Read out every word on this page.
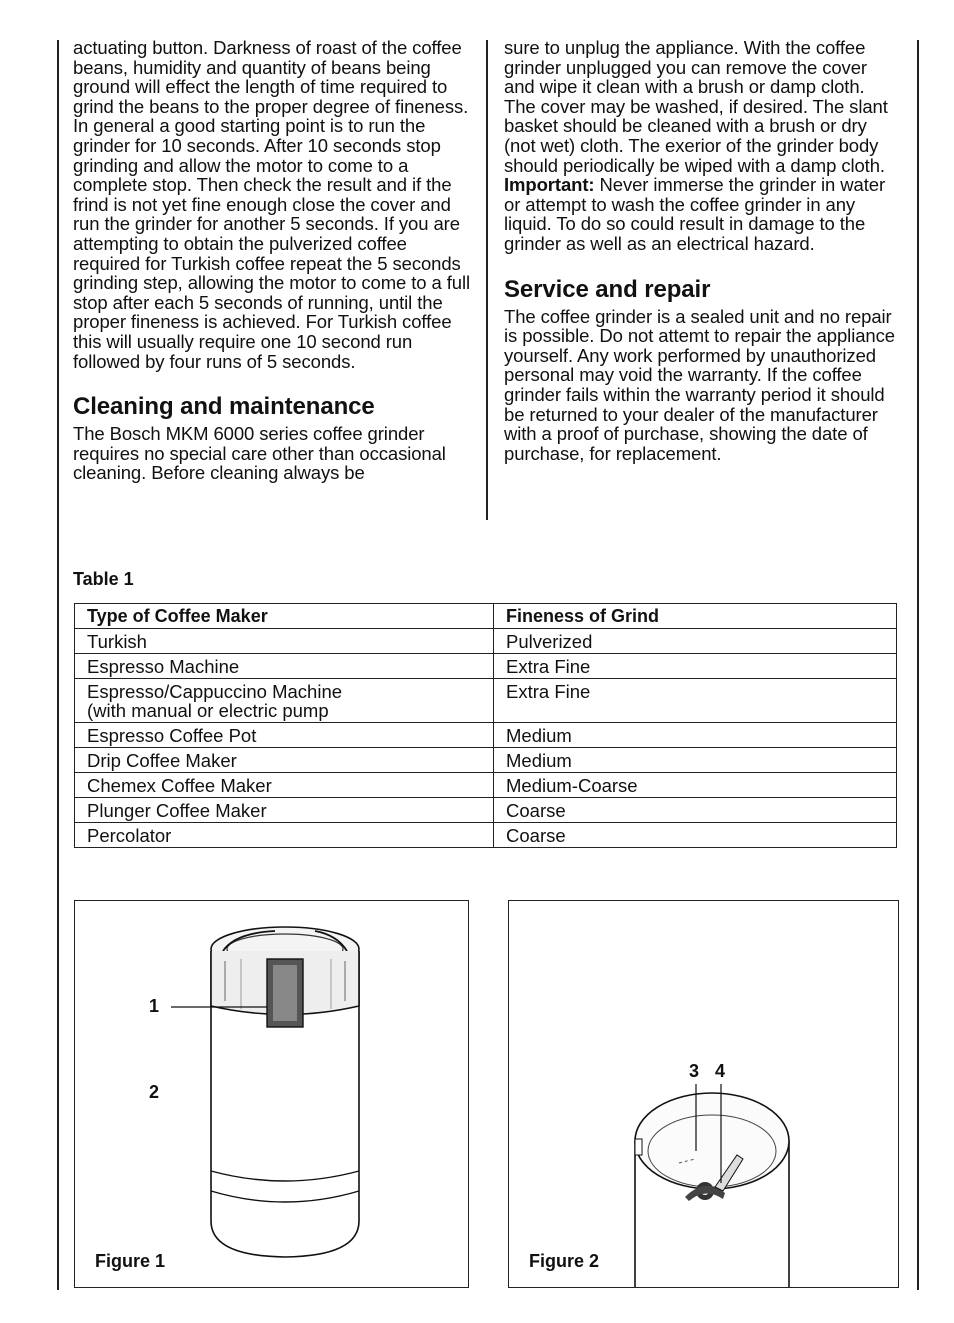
actuating button. Darkness of roast of the coffee beans, humidity and quantity of beans being ground will effect the length of time required to grind the beans to the proper degree of fineness. In general a good starting point is to run the grinder for 10 seconds. After 10 seconds stop grinding and allow the motor to come to a complete stop. Then check the result and if the frind is not yet fine enough close the cover and run the grinder for another 5 seconds. If you are attempting to obtain the pulverized coffee required for Turkish coffee repeat the 5 seconds grinding step, allowing the motor to come to a full stop after each 5 seconds of running, until the proper fineness is achieved. For Turkish coffee this will usually require one 10 second run followed by four runs of 5 seconds.

Cleaning and maintenance

The Bosch MKM 6000 series coffee grinder requires no special care other than occasional cleaning. Before cleaning always be

sure to unplug the appliance. With the coffee grinder unplugged you can remove the cover and wipe it clean with a brush or damp cloth. The cover may be washed, if desired. The slant basket should be cleaned with a brush or dry (not wet) cloth. The exerior of the grinder body should periodically be wiped with a damp cloth. Important: Never immerse the grinder in water or attempt to wash the coffee grinder in any liquid. To do so could result in damage to the grinder as well as an electrical hazard.

Service and repair

The coffee grinder is a sealed unit and no repair is possible. Do not attemt to repair the appliance yourself. Any work performed by unauthorized personal may void the warranty. If the coffee grinder fails within the warranty period it should be returned to your dealer of the manufacturer with a proof of purchase, showing the date of purchase, for replacement.

Table 1
Type of Coffee Maker	Fineness of Grind
Turkish	Pulverized
Espresso Machine	Extra Fine
Espresso/Cappuccino Machine
(with manual or electric pump	Extra Fine
Espresso Coffee Pot	Medium
Drip Coffee Maker	Medium
Chemex Coffee Maker	Medium-Coarse
Plunger Coffee Maker	Coarse
Percolator	Coarse
1
2
Figure 1
3 4
Figure 2
